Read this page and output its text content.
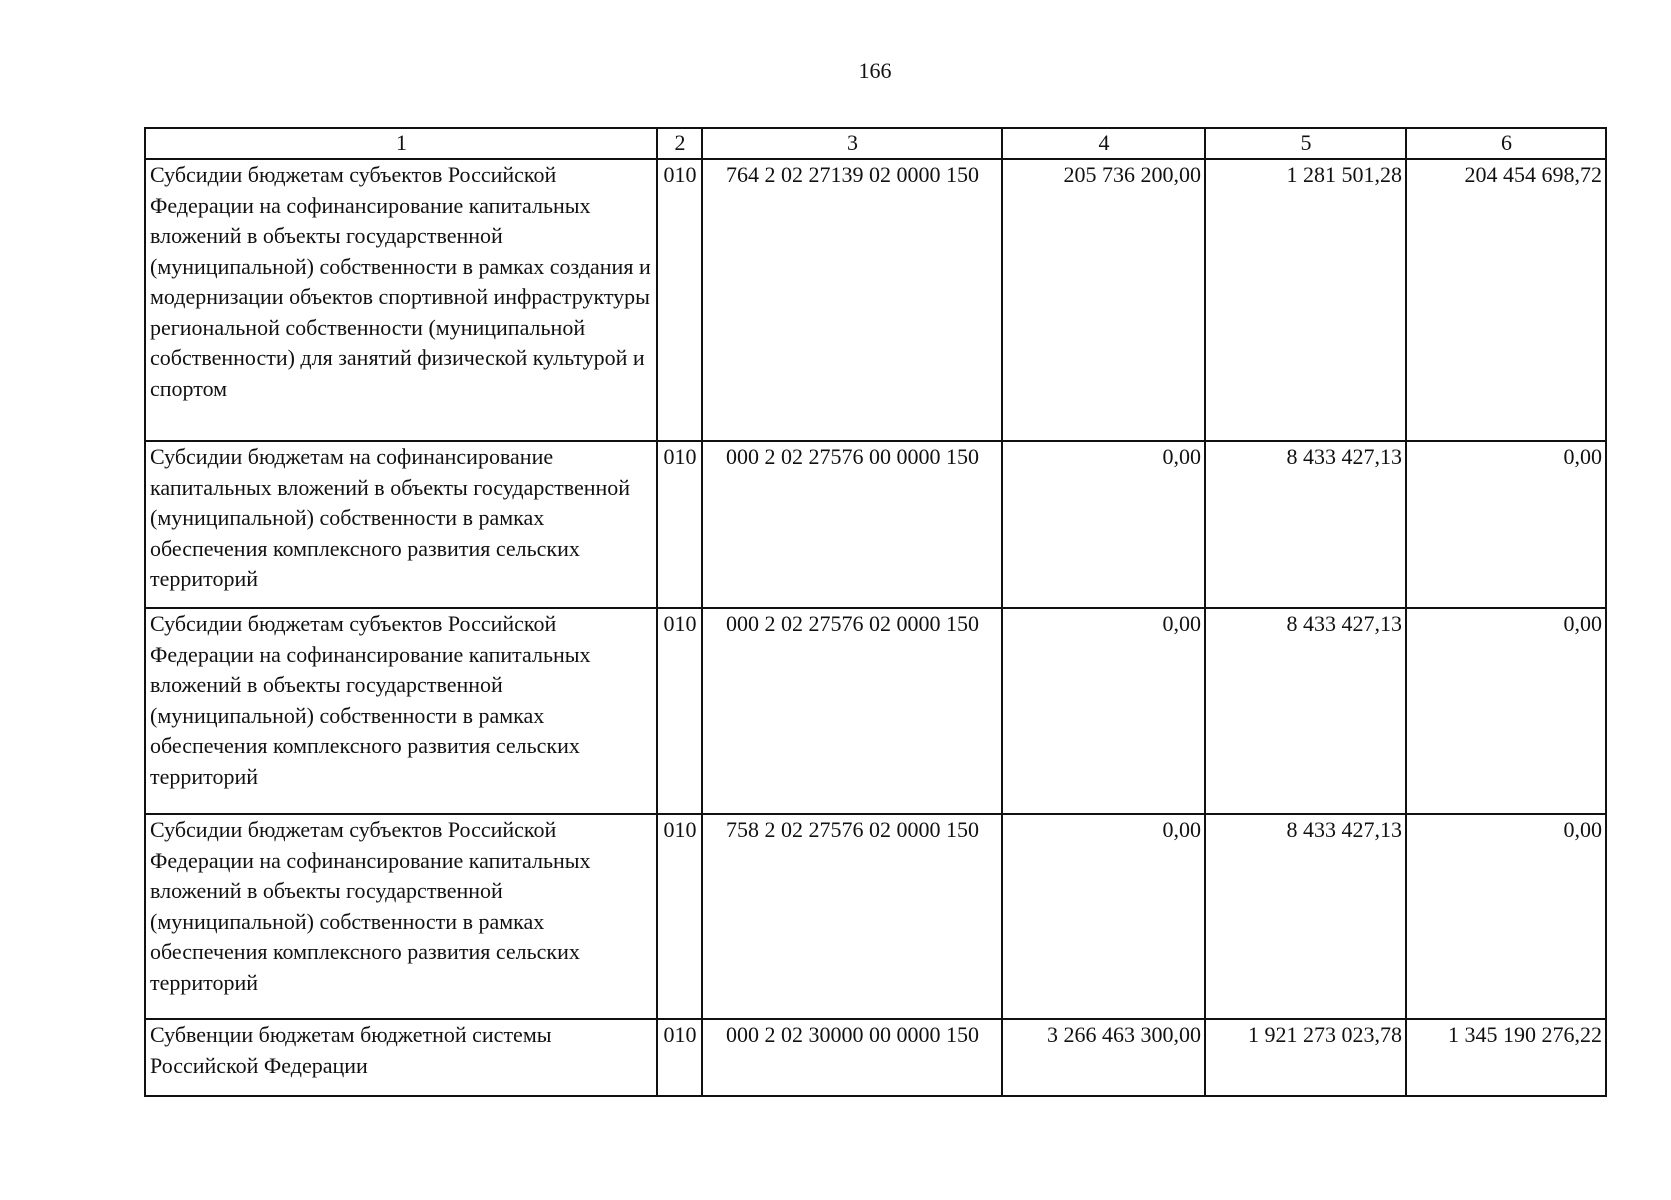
166
1	2	3	4	5	6
Субсидии бюджетам субъектов Российской Федерации на софинансирование капитальных вложений в объекты государственной (муниципальной) собственности в рамках создания и модернизации объектов спортивной инфраструктуры региональной собственности (муниципальной собственности) для занятий физической культурой и спортом	010	764 2 02 27139 02 0000 150	205 736 200,00	1 281 501,28	204 454 698,72
Субсидии бюджетам на софинансирование капитальных вложений в объекты государственной (муниципальной) собственности в рамках обеспечения комплексного развития сельских территорий	010	000 2 02 27576 00 0000 150	0,00	8 433 427,13	0,00
Субсидии бюджетам субъектов Российской Федерации на софинансирование капитальных вложений в объекты государственной (муниципальной) собственности в рамках обеспечения комплексного развития сельских территорий	010	000 2 02 27576 02 0000 150	0,00	8 433 427,13	0,00
Субсидии бюджетам субъектов Российской Федерации на софинансирование капитальных вложений в объекты государственной (муниципальной) собственности в рамках обеспечения комплексного развития сельских территорий	010	758 2 02 27576 02 0000 150	0,00	8 433 427,13	0,00
Субвенции бюджетам бюджетной системы Российской Федерации	010	000 2 02 30000 00 0000 150	3 266 463 300,00	1 921 273 023,78	1 345 190 276,22
